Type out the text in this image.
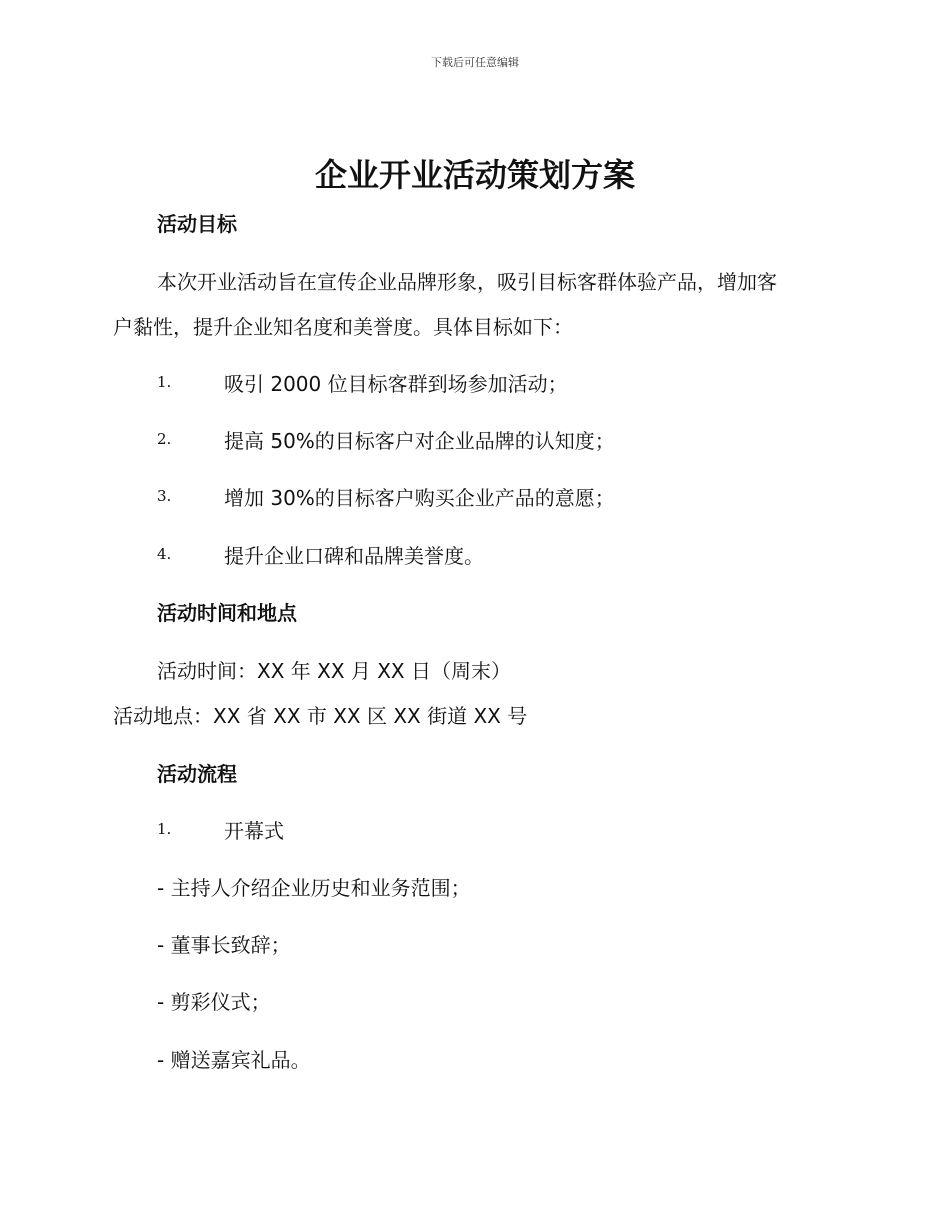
下载后可任意编辑
企业开业活动策划方案
活动目标
本次开业活动旨在宣传企业品牌形象，吸引目标客群体验产品，增加客
户黏性，提升企业知名度和美誉度。具体目标如下：
1.	吸引 2000 位目标客群到场参加活动；
2.	提高 50%的目标客户对企业品牌的认知度；
3.	增加 30%的目标客户购买企业产品的意愿；
4.	提升企业口碑和品牌美誉度。
活动时间和地点
活动时间：XX 年 XX 月 XX 日（周末）
活动地点：XX 省 XX 市 XX 区 XX 街道 XX 号
活动流程
1.	开幕式
- 主持人介绍企业历史和业务范围；
- 董事长致辞；
- 剪彩仪式；
- 赠送嘉宾礼品。
